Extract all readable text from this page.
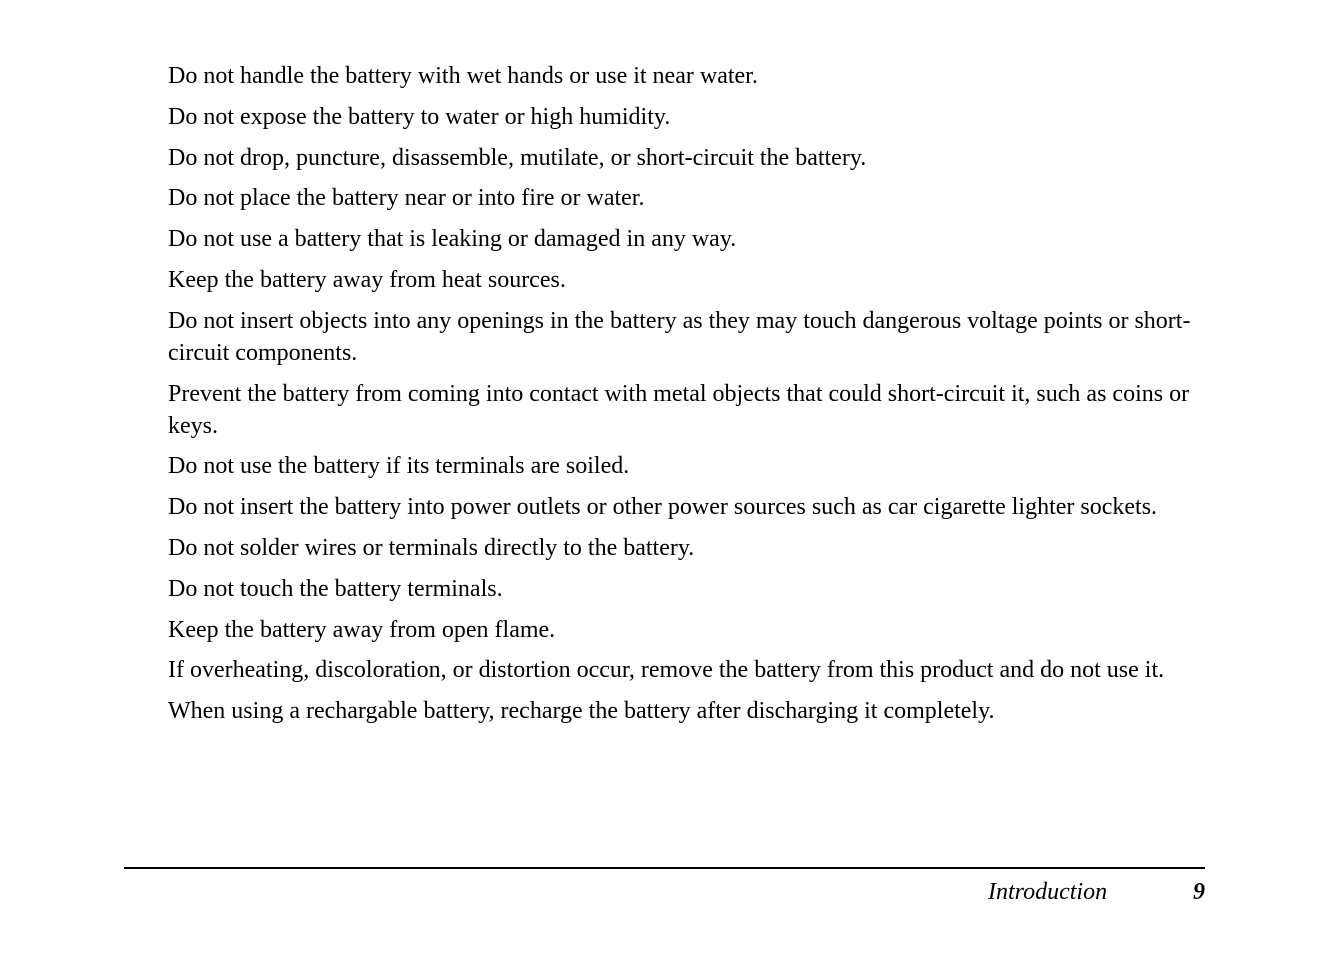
Do not handle the battery with wet hands or use it near water.

Do not expose the battery to water or high humidity.

Do not drop, puncture, disassemble, mutilate, or short-circuit the battery.

Do not place the battery near or into fire or water.

Do not use a battery that is leaking or damaged in any way.

Keep the battery away from heat sources.

Do not insert objects into any openings in the battery as they may touch dangerous voltage points or short-circuit components.

Prevent the battery from coming into contact with metal objects that could short-circuit it, such as coins or keys.

Do not use the battery if its terminals are soiled.

Do not insert the battery into power outlets or other power sources such as car cigarette lighter sockets.

Do not solder wires or terminals directly to the battery.

Do not touch the battery terminals.

Keep the battery away from open flame.

If overheating, discoloration, or distortion occur, remove the battery from this product and do not use it.

When using a rechargable battery, recharge the battery after discharging it completely.

Introduction	9
